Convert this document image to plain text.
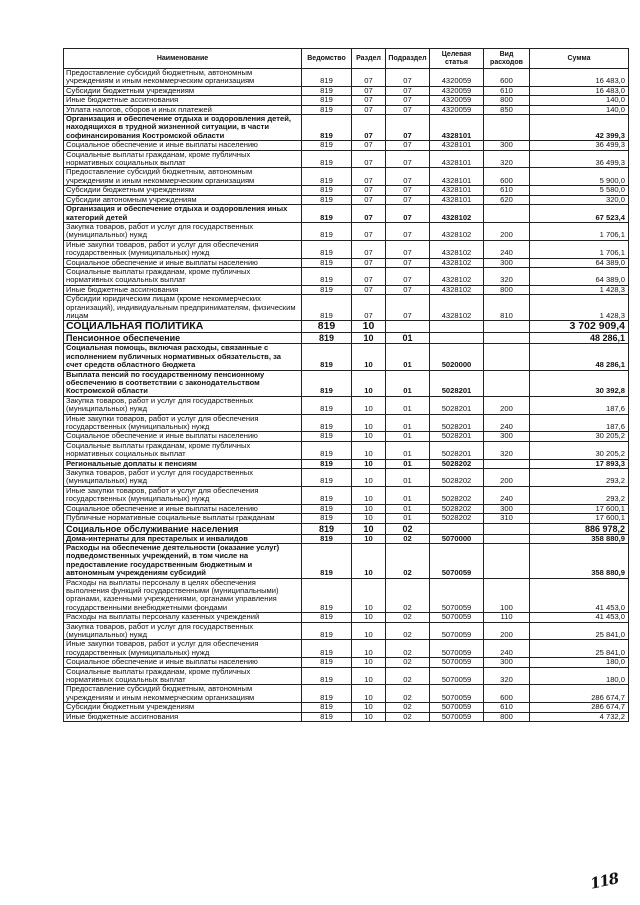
Наименование	Ведомство	Раздел	Подраздел	Целевая статья	Вид расходов	Сумма
Предоставление субсидий бюджетным, автономным учреждениям и иным некоммерческим организациям	819	07	07	4320059	600	16 483,0
Субсидии бюджетным учреждениям	819	07	07	4320059	610	16 483,0
Иные бюджетные ассигнования	819	07	07	4320059	800	140,0
Уплата налогов, сборов и иных платежей	819	07	07	4320059	850	140,0
Организация и обеспечение отдыха и оздоровления детей, находящихся в трудной жизненной ситуации, в части софинансирования Костромской области	819	07	07	4328101		42 399,3
Социальное обеспечение и иные выплаты населению	819	07	07	4328101	300	36 499,3
Социальные выплаты гражданам, кроме публичных нормативных социальных выплат	819	07	07	4328101	320	36 499,3
Предоставление субсидий бюджетным, автономным учреждениям и иным некоммерческим организациям	819	07	07	4328101	600	5 900,0
Субсидии бюджетным учреждениям	819	07	07	4328101	610	5 580,0
Субсидии автономным учреждениям	819	07	07	4328101	620	320,0
Организация и обеспечение отдыха и оздоровления иных категорий детей	819	07	07	4328102		67 523,4
Закупка товаров, работ и услуг для государственных (муниципальных) нужд	819	07	07	4328102	200	1 706,1
Иные закупки товаров, работ и услуг для обеспечения государственных (муниципальных) нужд	819	07	07	4328102	240	1 706,1
Социальное обеспечение и иные выплаты населению	819	07	07	4328102	300	64 389,0
Социальные выплаты гражданам, кроме публичных нормативных социальных выплат	819	07	07	4328102	320	64 389,0
Иные бюджетные ассигнования	819	07	07	4328102	800	1 428,3
Субсидии юридическим лицам (кроме некоммерческих организаций), индивидуальным предпринимателям, физическим лицам	819	07	07	4328102	810	1 428,3
СОЦИАЛЬНАЯ ПОЛИТИКА	819	10				3 702 909,4
Пенсионное обеспечение	819	10	01			48 286,1
Социальная помощь, включая расходы, связанные с исполнением публичных нормативных обязательств, за счет средств областного бюджета	819	10	01	5020000		48 286,1
Выплата пенсий по государственному пенсионному обеспечению в соответствии с законодательством Костромской области	819	10	01	5028201		30 392,8
Закупка товаров, работ и услуг для государственных (муниципальных) нужд	819	10	01	5028201	200	187,6
Иные закупки товаров, работ и услуг для обеспечения государственных (муниципальных) нужд	819	10	01	5028201	240	187,6
Социальное обеспечение и иные выплаты населению	819	10	01	5028201	300	30 205,2
Социальные выплаты гражданам, кроме публичных нормативных социальных выплат	819	10	01	5028201	320	30 205,2
Региональные доплаты к пенсиям	819	10	01	5028202		17 893,3
Закупка товаров, работ и услуг для государственных (муниципальных) нужд	819	10	01	5028202	200	293,2
Иные закупки товаров, работ и услуг для обеспечения государственных (муниципальных) нужд	819	10	01	5028202	240	293,2
Социальное обеспечение и иные выплаты населению	819	10	01	5028202	300	17 600,1
Публичные нормативные социальные выплаты гражданам	819	10	01	5028202	310	17 600,1
Социальное обслуживание населения	819	10	02			886 978,2
Дома-интернаты для престарелых и инвалидов	819	10	02	5070000		358 880,9
Расходы на обеспечение деятельности (оказание услуг) подведомственных учреждений, в том числе на предоставление государственным бюджетным и автономным учреждениям субсидий	819	10	02	5070059		358 880,9
Расходы на выплаты персоналу в целях обеспечения выполнения функций государственными (муниципальными) органами, казенными учреждениями, органами управления государственными внебюджетными фондами	819	10	02	5070059	100	41 453,0
Расходы на выплаты персоналу казенных учреждений	819	10	02	5070059	110	41 453,0
Закупка товаров, работ и услуг для государственных (муниципальных) нужд	819	10	02	5070059	200	25 841,0
Иные закупки товаров, работ и услуг для обеспечения государственных (муниципальных) нужд	819	10	02	5070059	240	25 841,0
Социальное обеспечение и иные выплаты населению	819	10	02	5070059	300	180,0
Социальные выплаты гражданам, кроме публичных нормативных социальных выплат	819	10	02	5070059	320	180,0
Предоставление субсидий бюджетным, автономным учреждениям и иным некоммерческим организациям	819	10	02	5070059	600	286 674,7
Субсидии бюджетным учреждениям	819	10	02	5070059	610	286 674,7
Иные бюджетные ассигнования	819	10	02	5070059	800	4 732,2
118
